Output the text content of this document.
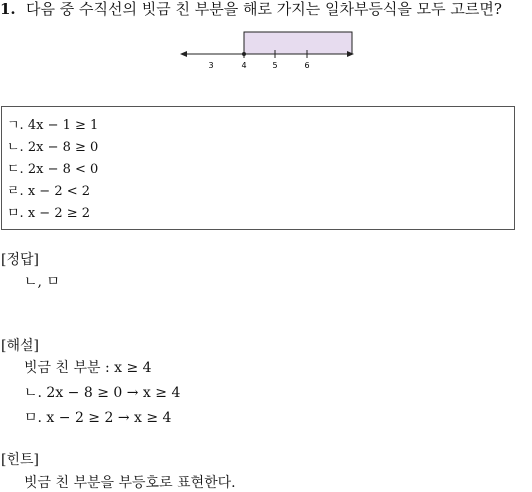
1. 다음 중 수직선의 빗금 친 부분을 해로 가지는 일차부등식을 모두 고르면?
3	4	5	6
ㄱ. 4x − 1 ≥ 1
ㄴ. 2x − 8 ≥ 0
ㄷ. 2x − 8 < 0
ㄹ. x − 2 < 2
ㅁ. x − 2 ≥ 2
[정답]
ㄴ, ㅁ
[해설]
빗금 친 부분 : x ≥ 4
ㄴ. 2x − 8 ≥ 0 → x ≥ 4
ㅁ. x − 2 ≥ 2 → x ≥ 4
[힌트]
빗금 친 부분을 부등호로 표현한다.
